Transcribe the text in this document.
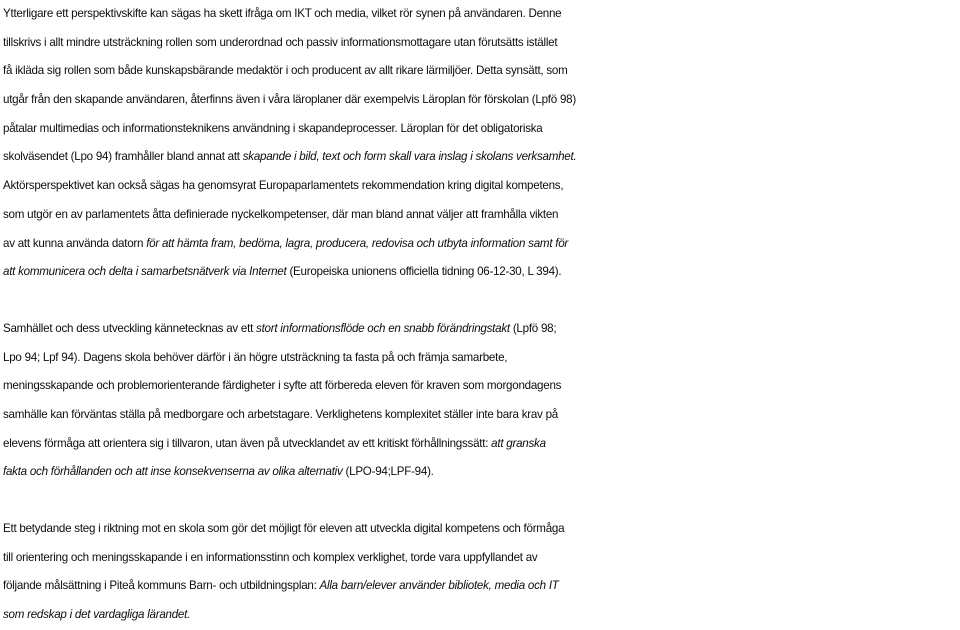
Ytterligare ett perspektivskifte kan sägas ha skett ifråga om IKT och media, vilket rör synen på användaren. Denne
tillskrivs i allt mindre utsträckning rollen som underordnad och passiv informationsmottagare utan förutsätts istället
få ikläda sig rollen som både kunskapsbärande medaktör i och producent av allt rikare lärmiljöer. Detta synsätt, som
utgår från den skapande användaren, återfinns även i våra läroplaner där exempelvis Läroplan för förskolan (Lpfö 98)
påtalar multimedias och informationsteknikens användning i skapandeprocesser. Läroplan för det obligatoriska
skolväsendet (Lpo 94) framhåller bland annat att skapande i bild, text och form skall vara inslag i skolans verksamhet.
Aktörsperspektivet kan också sägas ha genomsyrat Europaparlamentets rekommendation kring digital kompetens,
som utgör en av parlamentets åtta definierade nyckelkompetenser, där man bland annat väljer att framhålla vikten
av att kunna använda datorn för att hämta fram, bedöma, lagra, producera, redovisa och utbyta information samt för
att kommunicera och delta i samarbetsnätverk via Internet (Europeiska unionens officiella tidning 06-12-30, L 394).
Samhället och dess utveckling kännetecknas av ett stort informationsflöde och en snabb förändringstakt (Lpfö 98;
Lpo 94; Lpf 94). Dagens skola behöver därför i än högre utsträckning ta fasta på och främja samarbete,
meningsskapande och problemorienterande färdigheter i syfte att förbereda eleven för kraven som morgondagens
samhälle kan förväntas ställa på medborgare och arbetstagare. Verklighetens komplexitet ställer inte bara krav på
elevens förmåga att orientera sig i tillvaron, utan även på utvecklandet av ett kritiskt förhållningssätt: att granska
fakta och förhållanden och att inse konsekvenserna av olika alternativ (LPO-94;LPF-94).
Ett betydande steg i riktning mot en skola som gör det möjligt för eleven att utveckla digital kompetens och förmåga
till orientering och meningsskapande i en informationsstinn och komplex verklighet, torde vara uppfyllandet av
följande målsättning i Piteå kommuns Barn- och utbildningsplan: Alla barn/elever använder bibliotek, media och IT
som redskap i det vardagliga lärandet.
